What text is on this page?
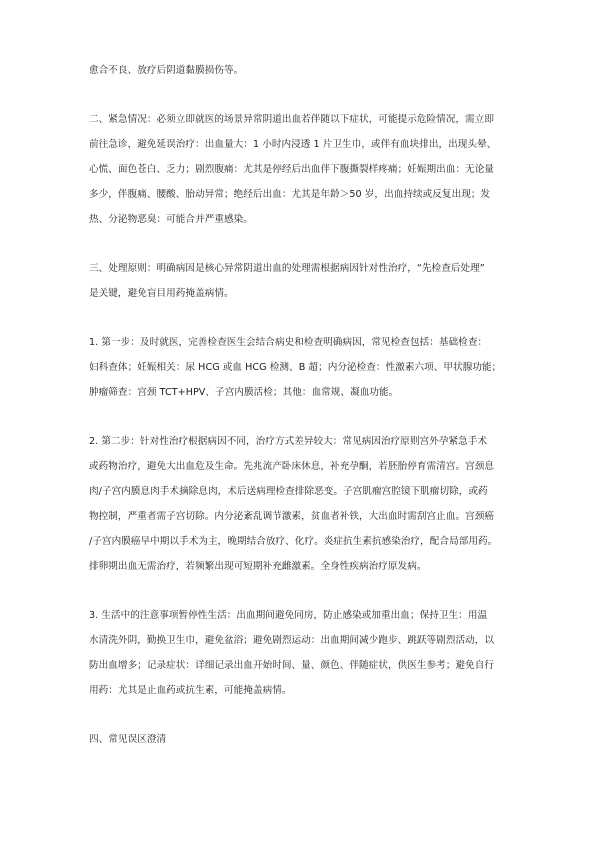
愈合不良、放疗后阴道黏膜损伤等。
二、紧急情况：必须立即就医的场景异常阴道出血若伴随以下症状，可能提示危险情况，需立即
前往急诊，避免延误治疗：出血量大：1 小时内浸透 1 片卫生巾，或伴有血块排出，出现头晕、
心慌、面色苍白、乏力；剧烈腹痛：尤其是停经后出血伴下腹撕裂样疼痛；妊娠期出血：无论量
多少，伴腹痛、腰酸、胎动异常；绝经后出血：尤其是年龄＞50 岁，出血持续或反复出现；发
热、分泌物恶臭：可能合并严重感染。
三、处理原则：明确病因是核心异常阴道出血的处理需根据病因针对性治疗，“先检查后处理”
是关键，避免盲目用药掩盖病情。
1. 第一步：及时就医，完善检查医生会结合病史和检查明确病因，常见检查包括：基础检查：
妇科查体；妊娠相关：尿 HCG 或血 HCG 检测、B 超；内分泌检查：性激素六项、甲状腺功能；
肿瘤筛查：宫颈 TCT+HPV、子宫内膜活检；其他：血常规、凝血功能。
2. 第二步：针对性治疗根据病因不同，治疗方式差异较大：常见病因治疗原则宫外孕紧急手术
或药物治疗，避免大出血危及生命。先兆流产卧床休息，补充孕酮，若胚胎停育需清宫。宫颈息
肉/子宫内膜息肉手术摘除息肉，术后送病理检查排除恶变。子宫肌瘤宫腔镜下肌瘤切除，或药
物控制，严重者需子宫切除。内分泌紊乱调节激素，贫血者补铁，大出血时需刮宫止血。宫颈癌
/子宫内膜癌早中期以手术为主，晚期结合放疗、化疗。炎症抗生素抗感染治疗，配合局部用药。
排卵期出血无需治疗，若频繁出现可短期补充雌激素。全身性疾病治疗原发病。
3. 生活中的注意事项暂停性生活：出血期间避免同房，防止感染或加重出血；保持卫生：用温
水清洗外阴，勤换卫生巾，避免盆浴；避免剧烈运动：出血期间减少跑步、跳跃等剧烈活动，以
防出血增多；记录症状：详细记录出血开始时间、量、颜色、伴随症状，供医生参考；避免自行
用药：尤其是止血药或抗生素，可能掩盖病情。
四、常见误区澄清
